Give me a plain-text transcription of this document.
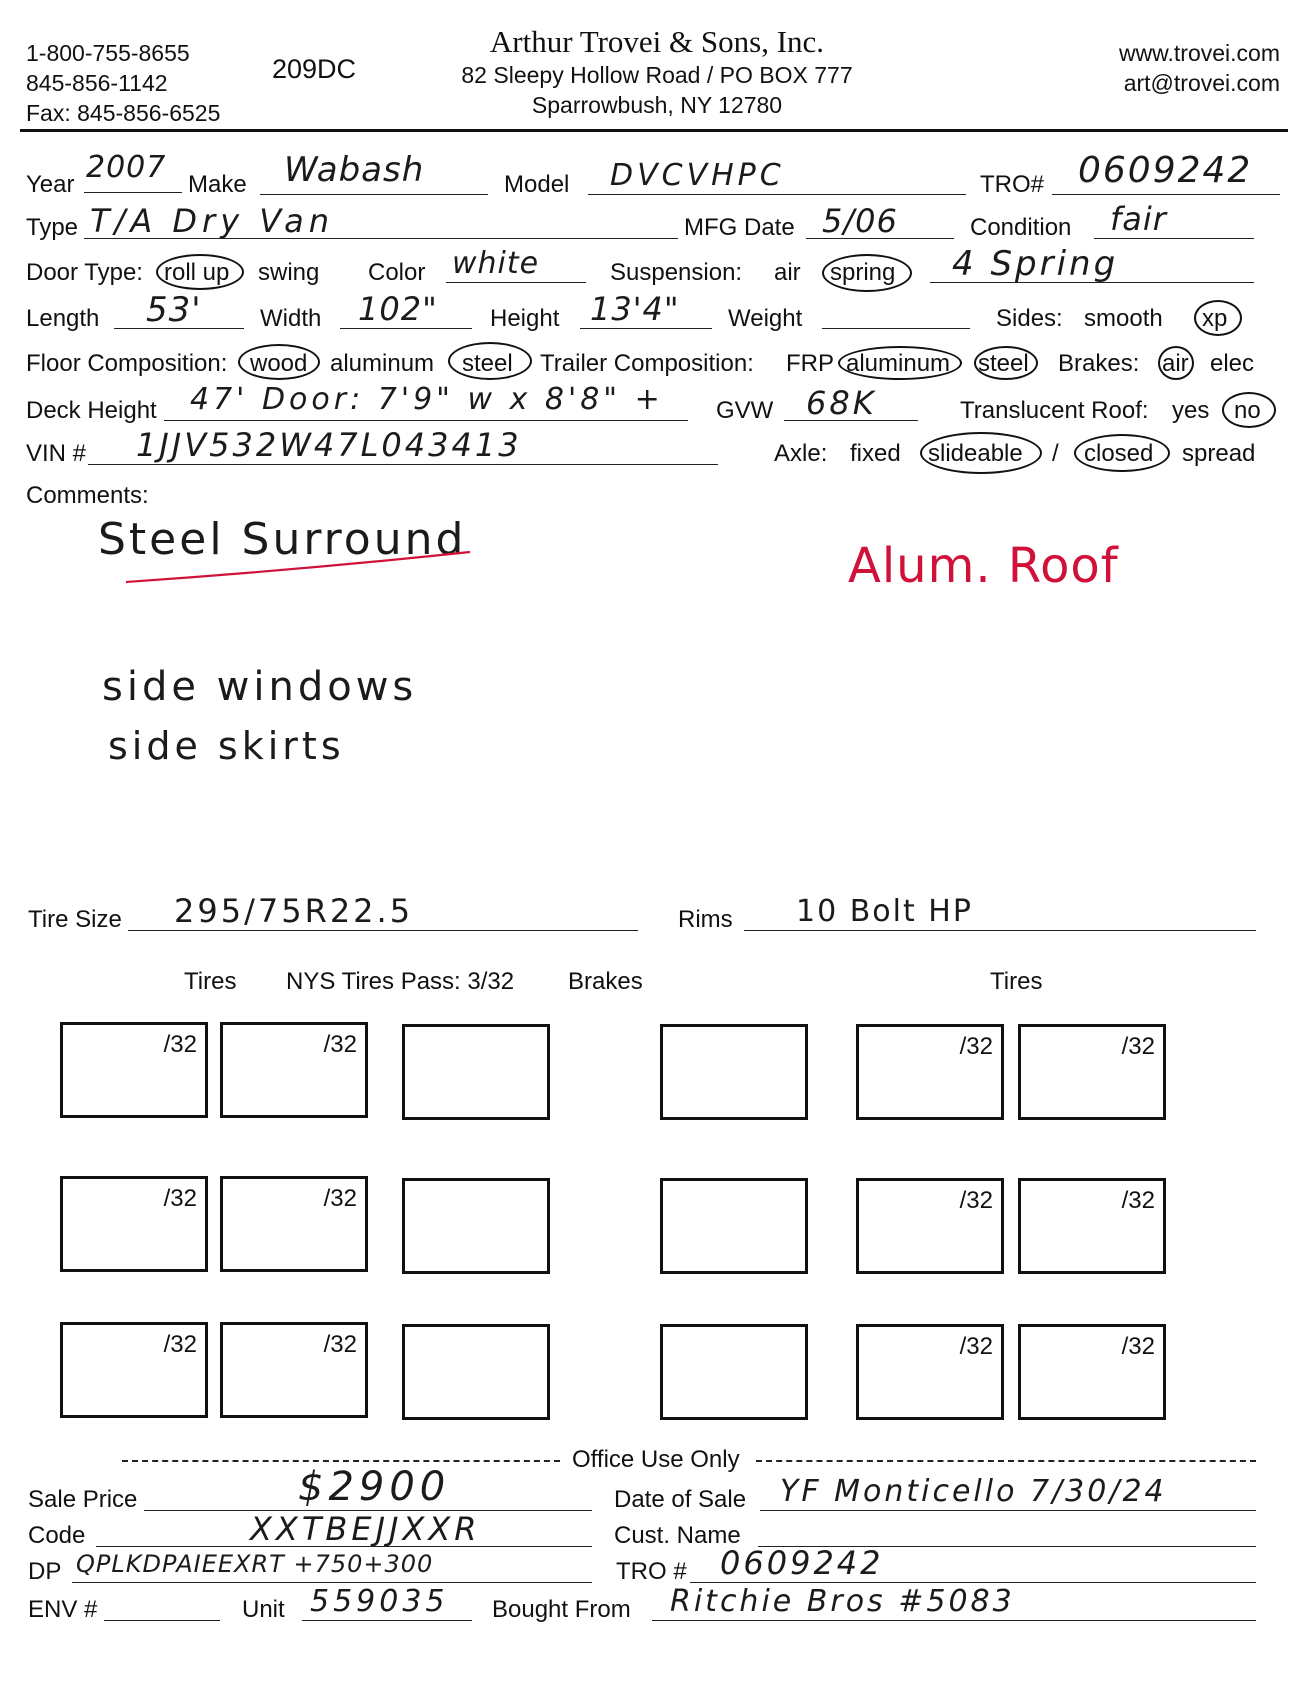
1-800-755-8655
845-856-1142
Fax: 845-856-6525
209DC
Arthur Trovei & Sons, Inc.
82 Sleepy Hollow Road / PO BOX 777
Sparrowbush, NY 12780
www.trovei.com
art@trovei.com
Year 2007 Make Wabash	Model DVCVHPC	TRO# 0609242
Type T/A Dry Van	MFG Date 5/06	Condition fair
Door Type: roll up swing Color white	Suspension: air spring 4 Spring
Length 53' Width 102" Height 13'4" Weight	Sides: smooth xp
Floor Composition: wood aluminum steel Trailer Composition: FRP aluminum steel Brakes: air elec
Deck Height 47' Door: 7'9" w x 8'8" + GVW 68K	Translucent Roof: yes no
VIN # 1JJV532W47L043413	Axle: fixed slideable / closed spread
Comments:
Steel Surround	Alum. Roof
side windows
side skirts
Tire Size 295/75R22.5	Rims 10 Bolt HP
Tires NYS Tires Pass: 3/32 Brakes	Tires
/32	/32	/32	/32
/32	/32	/32	/32
/32	/32	/32	/32
Office Use Only
Sale Price	$2900	Date of Sale YF Monticello 7/30/24
Code	XXTBEJJXXR	Cust. Name
DP QPLKDPAIEEXRT +750+300	TRO # 0609242
ENV #	Unit 559035 Bought From Ritchie Bros #5083
